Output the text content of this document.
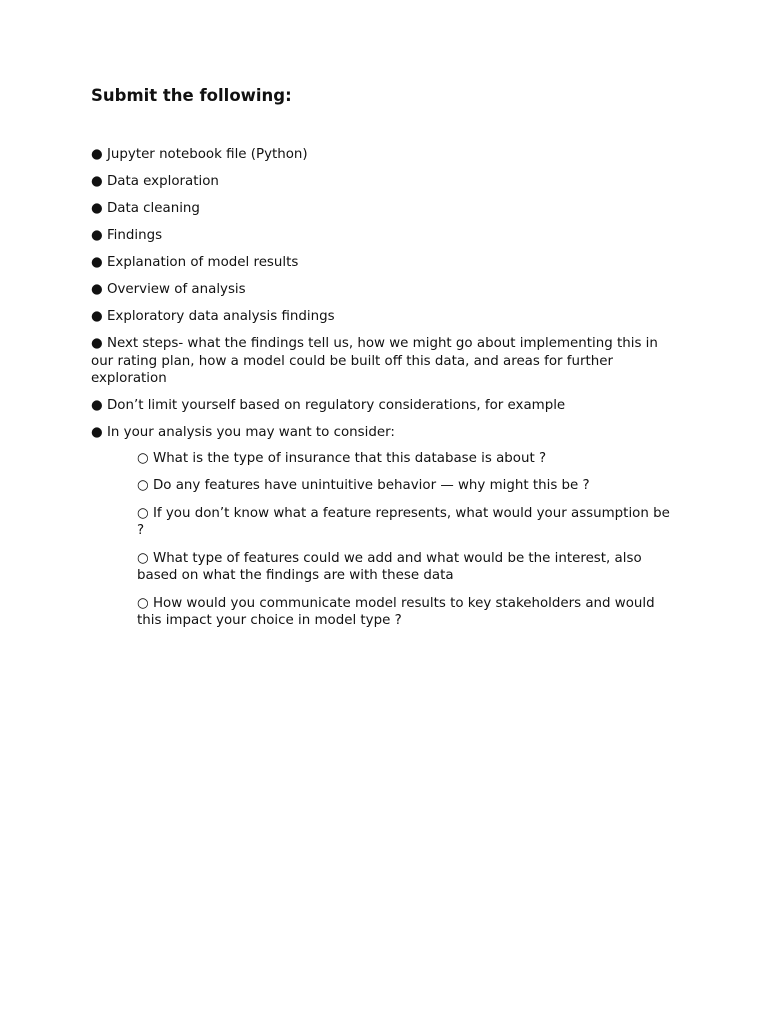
Submit the following:
● Jupyter notebook file (Python)
● Data exploration
● Data cleaning
● Findings
● Explanation of model results
● Overview of analysis
● Exploratory data analysis findings
● Next steps- what the findings tell us, how we might go about implementing this in our rating plan, how a model could be built off this data, and areas for further exploration
● Don’t limit yourself based on regulatory considerations, for example
● In your analysis you may want to consider:
○ What is the type of insurance that this database is about ?
○ Do any features have unintuitive behavior — why might this be ?
○ If you don’t know what a feature represents, what would your assumption be ?
○ What type of features could we add and what would be the interest, also based on what the findings are with these data
○ How would you communicate model results to key stakeholders and would this impact your choice in model type ?
